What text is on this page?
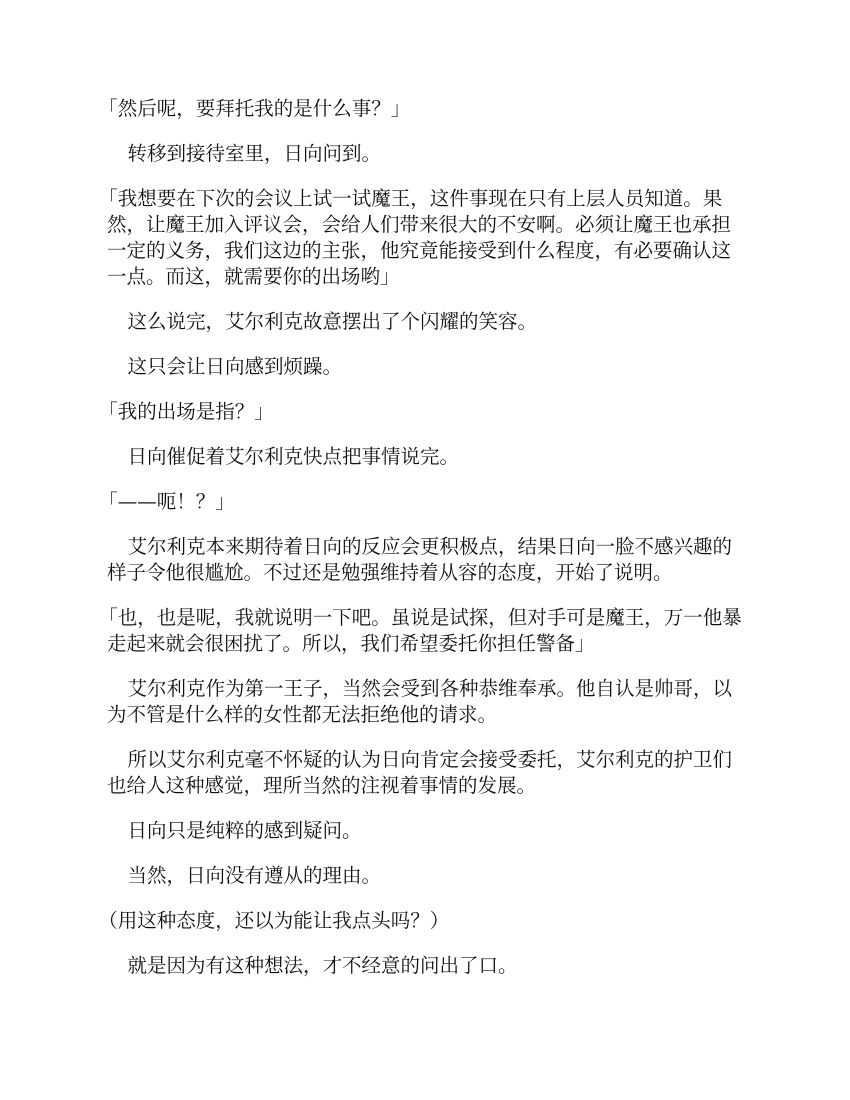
「然后呢，要拜托我的是什么事？」

转移到接待室里，日向问到。

「我想要在下次的会议上试一试魔王，这件事现在只有上层人员知道。果然，让魔王加入评议会，会给人们带来很大的不安啊。必须让魔王也承担一定的义务，我们这边的主张，他究竟能接受到什么程度，有必要确认这一点。而这，就需要你的出场哟」

这么说完，艾尔利克故意摆出了个闪耀的笑容。

这只会让日向感到烦躁。

「我的出场是指？」

日向催促着艾尔利克快点把事情说完。

「——呃！？」

艾尔利克本来期待着日向的反应会更积极点，结果日向一脸不感兴趣的样子令他很尴尬。不过还是勉强维持着从容的态度，开始了说明。

「也，也是呢，我就说明一下吧。虽说是试探，但对手可是魔王，万一他暴走起来就会很困扰了。所以，我们希望委托你担任警备」

艾尔利克作为第一王子，当然会受到各种恭维奉承。他自认是帅哥，以为不管是什么样的女性都无法拒绝他的请求。

所以艾尔利克毫不怀疑的认为日向肯定会接受委托，艾尔利克的护卫们也给人这种感觉，理所当然的注视着事情的发展。

日向只是纯粹的感到疑问。

当然，日向没有遵从的理由。

（用这种态度，还以为能让我点头吗？）

就是因为有这种想法，才不经意的问出了口。
